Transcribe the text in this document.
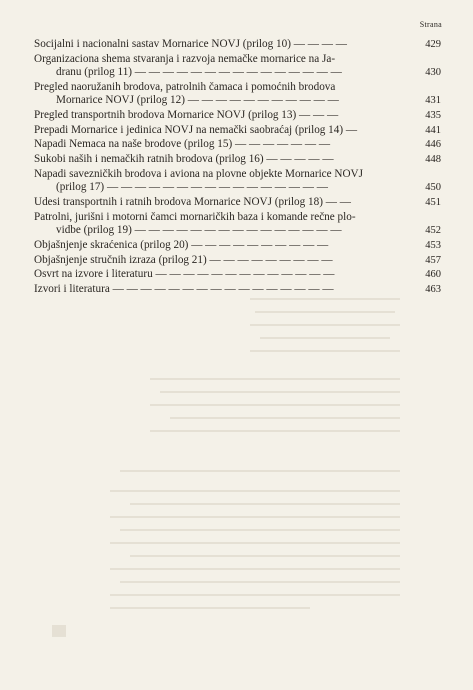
Strana
Socijalni i nacionalni sastav Mornarice NOVJ (prilog 10) — — — —	429
Organizaciona shema stvaranja i razvoja nemačke mornarice na Ja-
dranu (prilog 11) — — — — — — — — — — — — — — —	430
Pregled naoružanih brodova, patrolnih čamaca i pomoćnih brodova
Mornarice NOVJ (prilog 12) — — — — — — — — — — —	431
Pregled transportnih brodova Mornarice NOVJ (prilog 13) — — —	435
Prepadi Mornarice i jedinica NOVJ na nemački saobraćaj (prilog 14) —	441
Napadi Nemaca na naše brodove (prilog 15) — — — — — — —	446
Sukobi naših i nemačkih ratnih brodova (prilog 16) — — — — —	448
Napadi savezničkih brodova i aviona na plovne objekte Mornarice NOVJ
(prilog 17) — — — — — — — — — — — — — — — —	450
Udesi transportnih i ratnih brodova Mornarice NOVJ (prilog 18) — —	451
Patrolni, jurišni i motorni čamci mornaričkih baza i komande rečne plo-
vidbe (prilog 19) — — — — — — — — — — — — — — —	452
Objašnjenje skraćenica (prilog 20) — — — — — — — — — —	453
Objašnjenje stručnih izraza (prilog 21) — — — — — — — — —	457
Osvrt na izvore i literaturu — — — — — — — — — — — — —	460
Izvori i literatura — — — — — — — — — — — — — — — —	463
